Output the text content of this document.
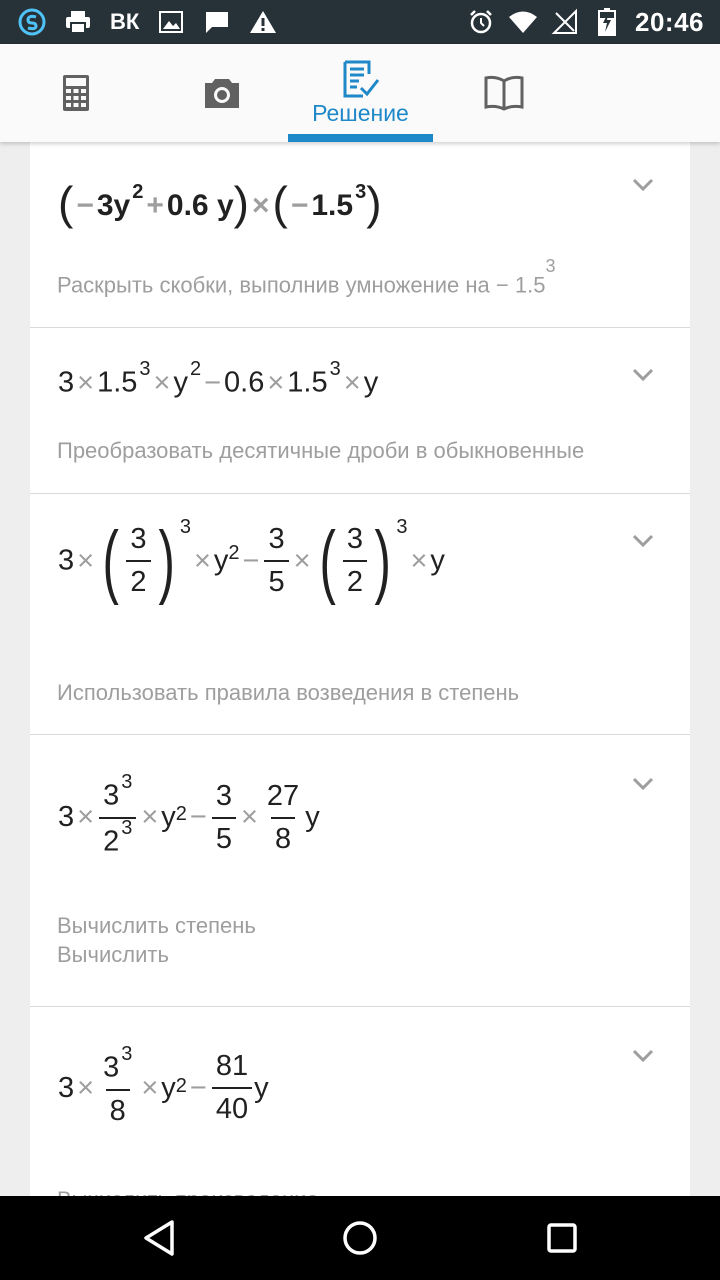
ВК	20:46
Решение
( − 3y $^2$ + 0.6 y) ×( − 1.5 $^3$)
Раскрыть скобки, выполнив умножение на − $1.5^3$
3 × 1.5 $^3$ × y $^2$ − 0.6 × 1.5 $^3$ × y
Преобразовать десятичные дроби в обыкновенные
3 × ( $\frac{3}{2}$ ) $^3\times y^2 - \frac{3}{5}$ × ( $\frac{3}{2}$ ) $^3$× y
Использовать правила возведения в степень
$3 \times \frac{3 ^3}{2 ^3} \times y^2 - \frac{3}{5} \times \frac{27}{8}$ y
Вычислить степень
Вычислить
$3 \times \frac{3 ^3}{8} \times y^2 - \frac{81}{40}$ y
